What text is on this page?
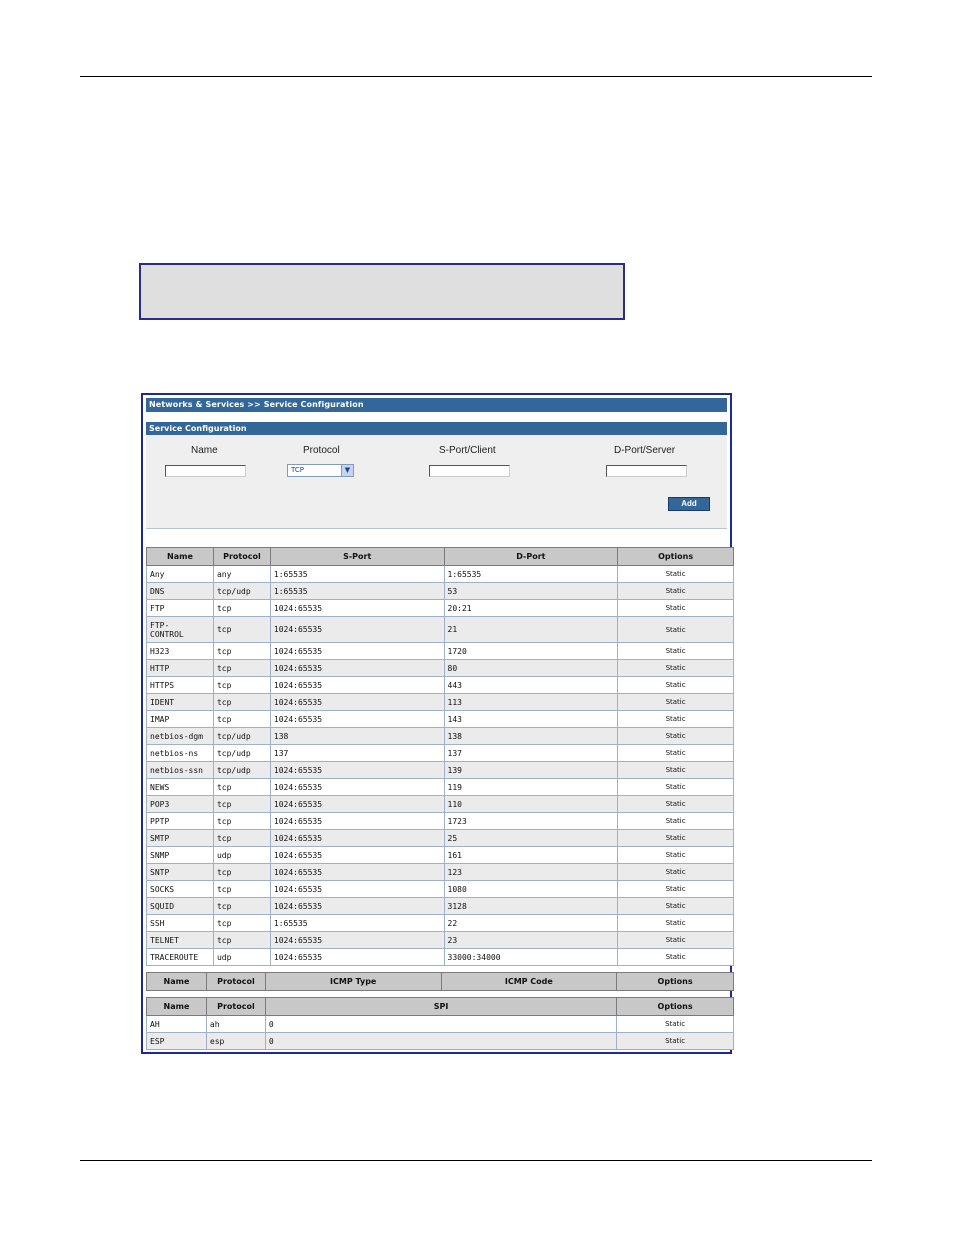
Networks & Services >> Service Configuration
Service Configuration
Name	Protocol	S-Port/Client	D-Port/Server
TCP	▼
Add
Name	Protocol	S-Port	D-Port	Options
Any	any	1:65535	1:65535	Static
DNS	tcp/udp	1:65535	53	Static
FTP	tcp	1024:65535	20:21	Static
FTP-
CONTROL	tcp	1024:65535	21	Static
H323	tcp	1024:65535	1720	Static
HTTP	tcp	1024:65535	80	Static
HTTPS	tcp	1024:65535	443	Static
IDENT	tcp	1024:65535	113	Static
IMAP	tcp	1024:65535	143	Static
netbios-dgm	tcp/udp	138	138	Static
netbios-ns	tcp/udp	137	137	Static
netbios-ssn	tcp/udp	1024:65535	139	Static
NEWS	tcp	1024:65535	119	Static
POP3	tcp	1024:65535	110	Static
PPTP	tcp	1024:65535	1723	Static
SMTP	tcp	1024:65535	25	Static
SNMP	udp	1024:65535	161	Static
SNTP	tcp	1024:65535	123	Static
SOCKS	tcp	1024:65535	1080	Static
SQUID	tcp	1024:65535	3128	Static
SSH	tcp	1:65535	22	Static
TELNET	tcp	1024:65535	23	Static
TRACEROUTE	udp	1024:65535	33000:34000	Static
Name	Protocol	ICMP Type	ICMP Code	Options
Name	Protocol	SPI	Options
AH	ah	0	Static
ESP	esp	0	Static
